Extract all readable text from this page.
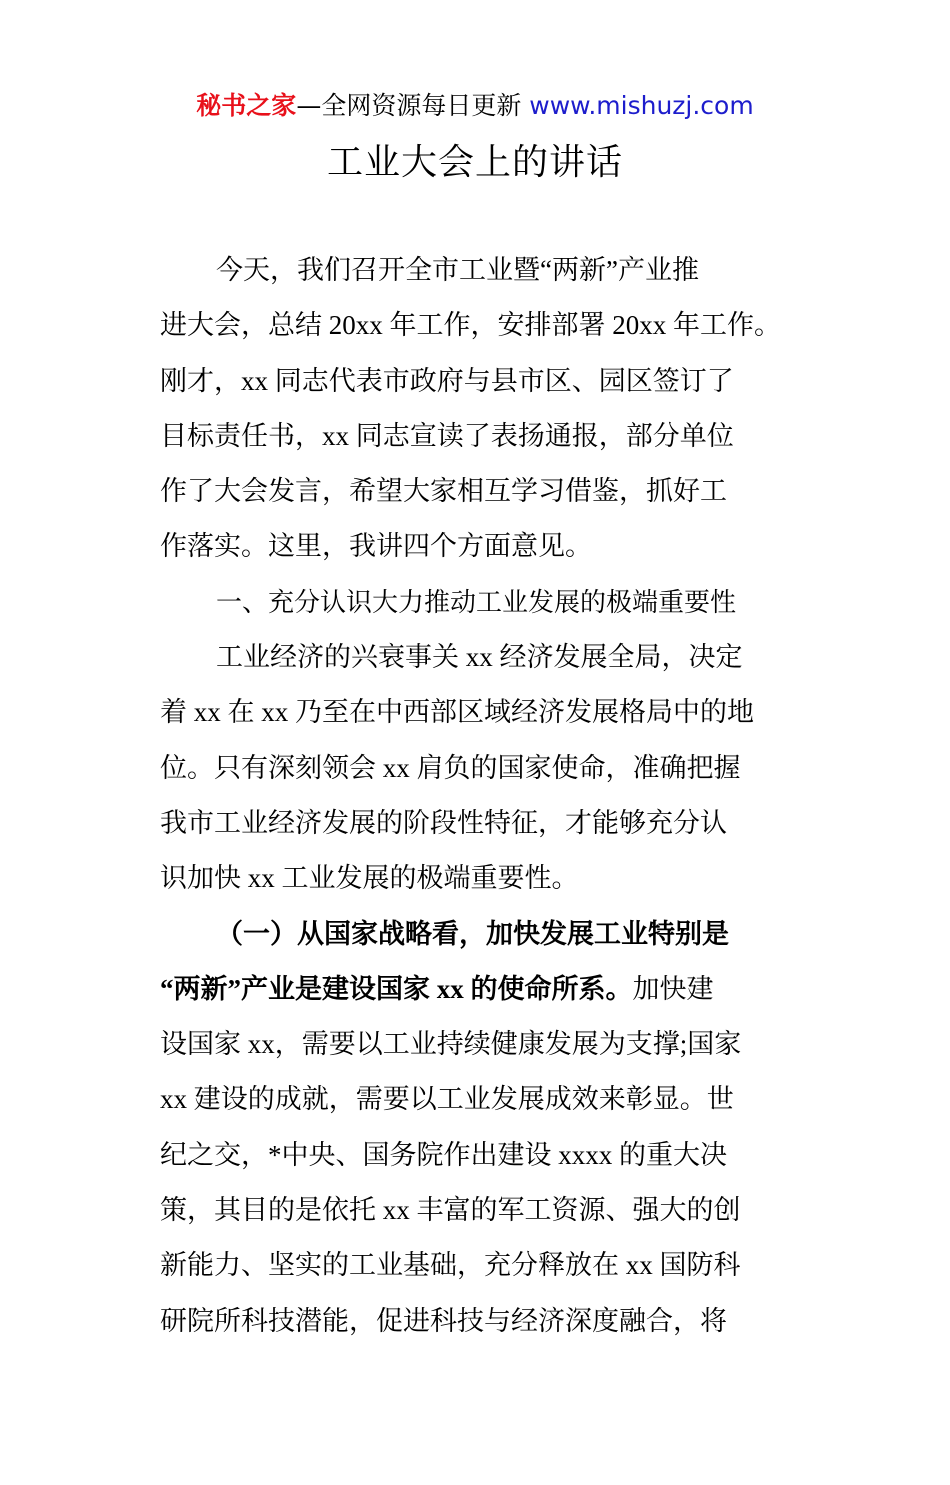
秘书之家—全网资源每日更新 www.mishuzj.com
工业大会上的讲话
今天，我们召开全市工业暨“两新”产业推
进大会，总结 20xx 年工作，安排部署 20xx 年工作。
刚才，xx 同志代表市政府与县市区、园区签订了
目标责任书，xx 同志宣读了表扬通报，部分单位
作了大会发言，希望大家相互学习借鉴，抓好工
作落实。这里，我讲四个方面意见。
一、充分认识大力推动工业发展的极端重要性
工业经济的兴衰事关 xx 经济发展全局，决定
着 xx 在 xx 乃至在中西部区域经济发展格局中的地
位。只有深刻领会 xx 肩负的国家使命，准确把握
我市工业经济发展的阶段性特征，才能够充分认
识加快 xx 工业发展的极端重要性。
（一）从国家战略看，加快发展工业特别是
“两新”产业是建设国家 xx 的使命所系。加快建
设国家 xx，需要以工业持续健康发展为支撑;国家
xx 建设的成就，需要以工业发展成效来彰显。世
纪之交，*中央、国务院作出建设 xxxx 的重大决
策，其目的是依托 xx 丰富的军工资源、强大的创
新能力、坚实的工业基础，充分释放在 xx 国防科
研院所科技潜能，促进科技与经济深度融合，将
